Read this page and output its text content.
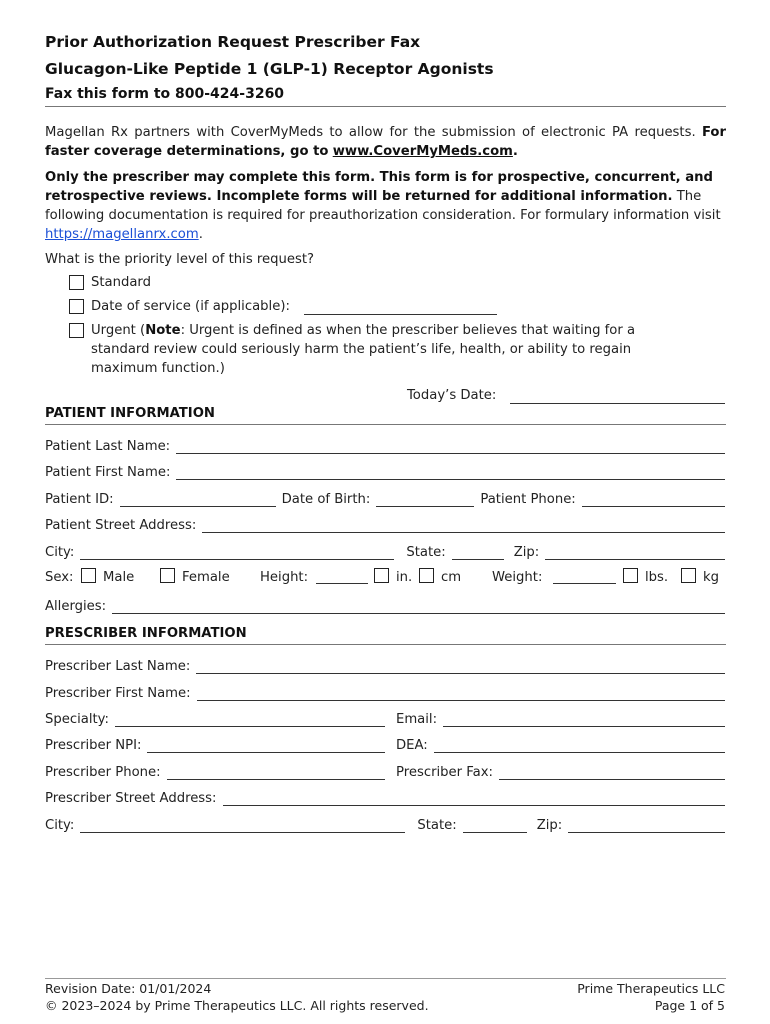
Prior Authorization Request Prescriber Fax
Glucagon-Like Peptide 1 (GLP-1) Receptor Agonists
Fax this form to 800-424-3260

Magellan Rx partners with CoverMyMeds to allow for the submission of electronic PA requests. For faster coverage determinations, go to www.CoverMyMeds.com.

Only the prescriber may complete this form. This form is for prospective, concurrent, and retrospective reviews. Incomplete forms will be returned for additional information. The following documentation is required for preauthorization consideration. For formulary information visit https://magellanrx.com.

What is the priority level of this request?
Standard
Date of service (if applicable):
Urgent (Note: Urgent is defined as when the prescriber believes that waiting for a
standard review could seriously harm the patient’s life, health, or ability to regain
maximum function.)
Today’s Date:
PATIENT INFORMATION
Patient Last Name:
Patient First Name:
Patient ID:	Date of Birth:	Patient Phone:
Patient Street Address:
City:	State:	Zip:
Sex: Male	Female Height:	in. cm Weight:	lbs.	kg
Allergies:
PRESCRIBER INFORMATION
Prescriber Last Name:
Prescriber First Name:
Specialty:	Email:
Prescriber NPI:	DEA:
Prescriber Phone:	Prescriber Fax:
Prescriber Street Address:
City:	State:	Zip:
Revision Date: 01/01/2024
© 2023–2024 by Prime Therapeutics LLC. All rights reserved.
Prime Therapeutics LLC
Page 1 of 5
